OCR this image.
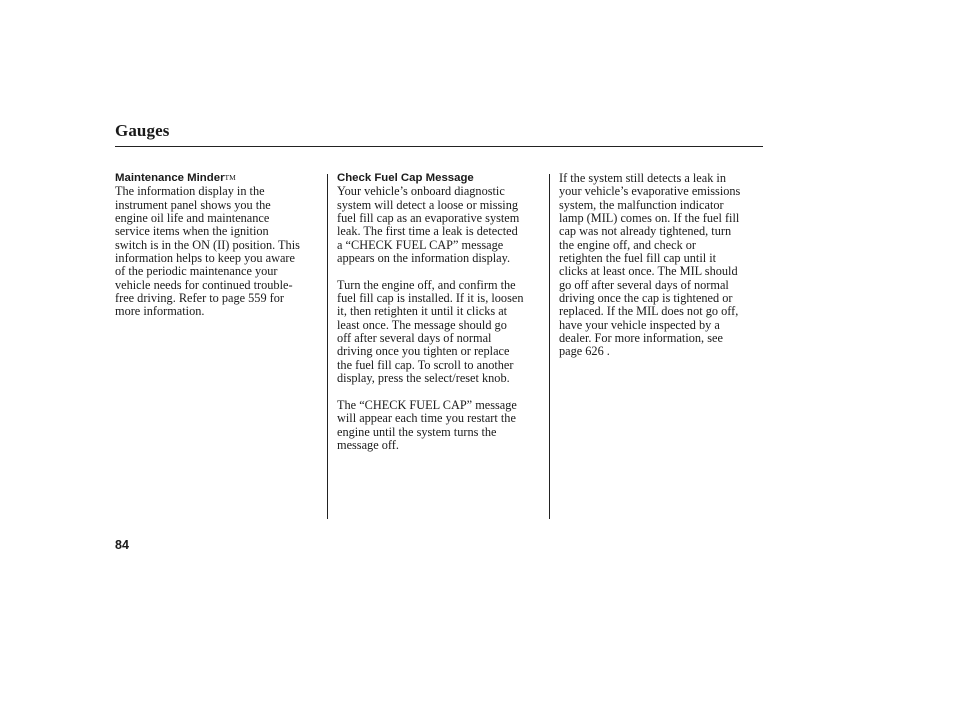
Gauges
Maintenance Minder™
The information display in the
instrument panel shows you the
engine oil life and maintenance
service items when the ignition
switch is in the ON (II) position. This
information helps to keep you aware
of the periodic maintenance your
vehicle needs for continued trouble-
free driving. Refer to page 559 for
more information.
Check Fuel Cap Message
Your vehicle’s onboard diagnostic
system will detect a loose or missing
fuel fill cap as an evaporative system
leak. The first time a leak is detected
a “CHECK FUEL CAP” message
appears on the information display.
Turn the engine off, and confirm the
fuel fill cap is installed. If it is, loosen
it, then retighten it until it clicks at
least once. The message should go
off after several days of normal
driving once you tighten or replace
the fuel fill cap. To scroll to another
display, press the select/reset knob.
The “CHECK FUEL CAP” message
will appear each time you restart the
engine until the system turns the
message off.
If the system still detects a leak in
your vehicle’s evaporative emissions
system, the malfunction indicator
lamp (MIL) comes on. If the fuel fill
cap was not already tightened, turn
the engine off, and check or
retighten the fuel fill cap until it
clicks at least once. The MIL should
go off after several days of normal
driving once the cap is tightened or
replaced. If the MIL does not go off,
have your vehicle inspected by a
dealer. For more information, see
page 626 .
84
